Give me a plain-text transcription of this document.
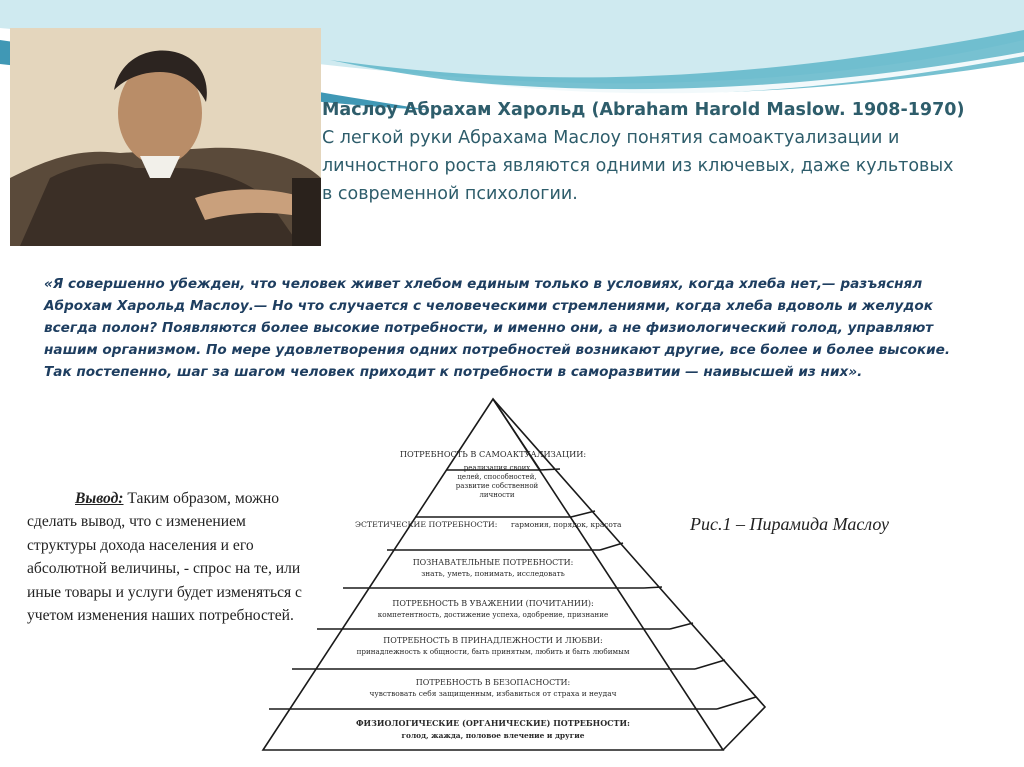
Маслоу Абрахам Харольд (Abraham Harold Maslow. 1908-1970)
С легкой руки Абрахама Маслоу понятия самоактуализации и
личностного роста являются одними из ключевых, даже культовых
в современной психологии.
«Я совершенно убежден, что человек живет хлебом единым только в условиях, когда хлеба нет,— разъяснял
Аброхам Харольд Маслоу.— Но что случается с человеческими стремлениями, когда хлеба вдоволь и желудок
всегда полон? Появляются более высокие потребности, и именно они, а не физиологический голод, управляют
нашим организмом. По мере удовлетворения одних потребностей возникают другие, все более и более высокие.
Так постепенно, шаг за шагом человек приходит к потребности в саморазвитии — наивысшей из них».
Вывод: Таким образом, можно
сделать вывод, что с изменением
структуры дохода населения и его
абсолютной величины, - спрос на те, или
иные товары и услуги будет изменяться с
учетом изменения наших потребностей.
Рис.1 – Пирамида Маслоу
ПОТРЕБНОСТЬ В САМОАКТУАЛИЗАЦИИ:
реализация своих
целей, способностей,
развитие собственной
личности
ЭСТЕТИЧЕСКИЕ ПОТРЕБНОСТИ: гармония, порядок, красота
ПОЗНАВАТЕЛЬНЫЕ ПОТРЕБНОСТИ:
знать, уметь, понимать, исследовать
ПОТРЕБНОСТЬ В УВАЖЕНИИ (ПОЧИТАНИИ):
компетентность, достижение успеха, одобрение, признание
ПОТРЕБНОСТЬ В ПРИНАДЛЕЖНОСТИ И ЛЮБВИ:
принадлежность к общности, быть принятым, любить и быть любимым
ПОТРЕБНОСТЬ В БЕЗОПАСНОСТИ:
чувствовать себя защищенным, избавиться от страха и неудач
ФИЗИОЛОГИЧЕСКИЕ (ОРГАНИЧЕСКИЕ) ПОТРЕБНОСТИ:
голод, жажда, половое влечение и другие
